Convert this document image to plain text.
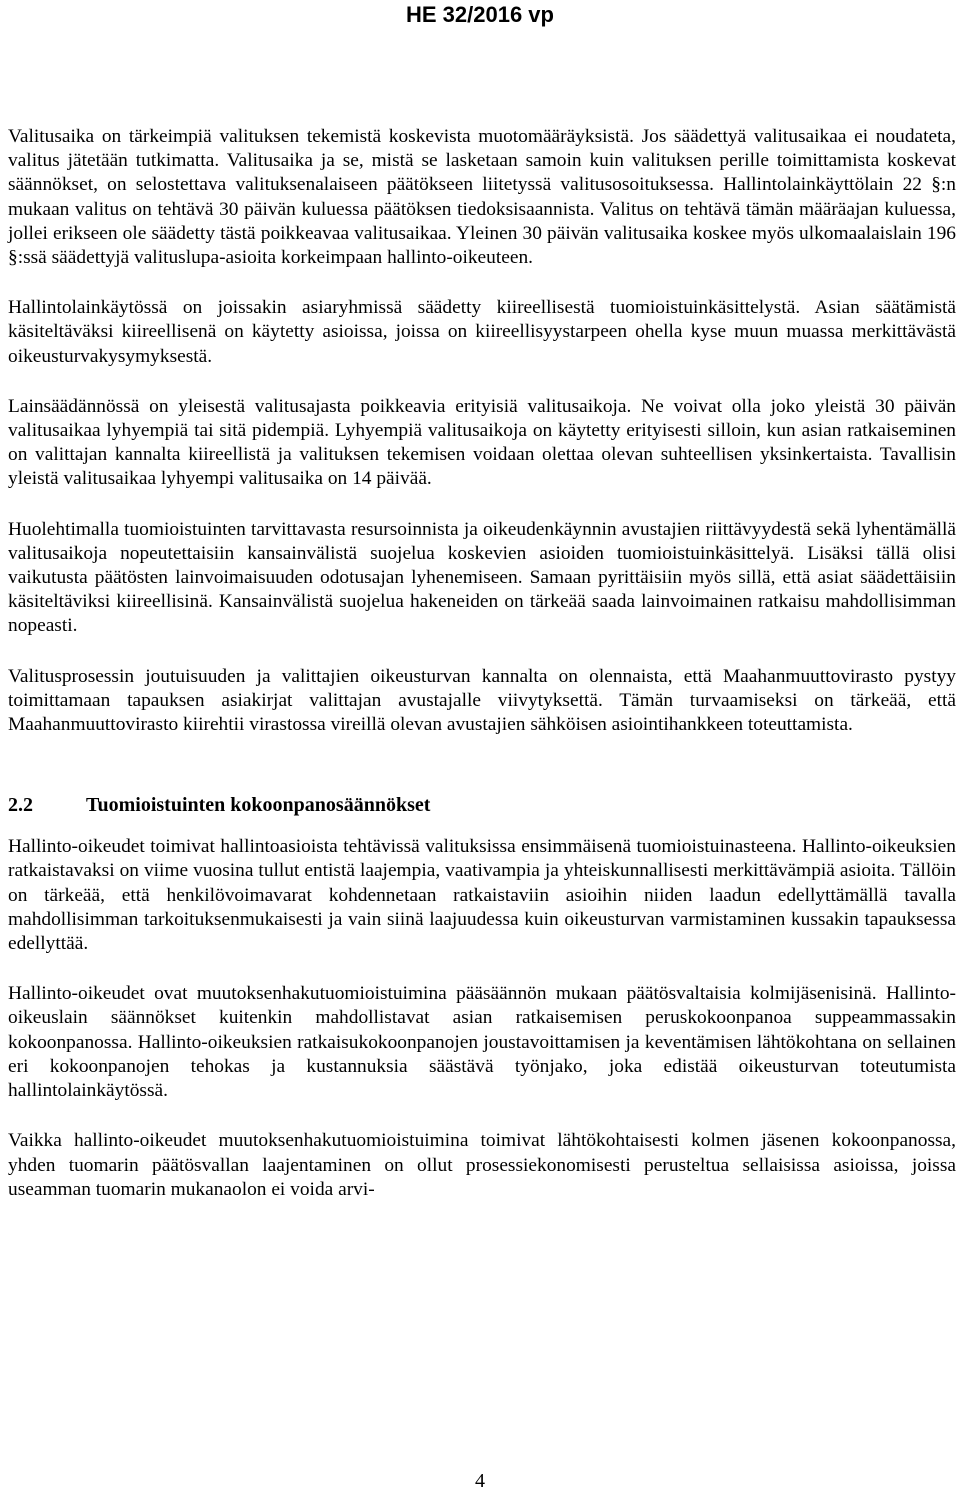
HE 32/2016 vp

Valitusaika on tärkeimpiä valituksen tekemistä koskevista muotomääräyksistä. Jos säädettyä valitusaikaa ei noudateta, valitus jätetään tutkimatta. Valitusaika ja se, mistä se lasketaan samoin kuin valituksen perille toimittamista koskevat säännökset, on selostettava valituksenalaiseen päätökseen liitetyssä valitusosoituksessa. Hallintolainkäyttölain 22 §:n mukaan valitus on tehtävä 30 päivän kuluessa päätöksen tiedoksisaannista. Valitus on tehtävä tämän määräajan kuluessa, jollei erikseen ole säädetty tästä poikkeavaa valitusaikaa. Yleinen 30 päivän valitusaika koskee myös ulkomaalaislain 196 §:ssä säädettyjä valituslupa-asioita korkeimpaan hallinto-oikeuteen.

Hallintolainkäytössä on joissakin asiaryhmissä säädetty kiireellisestä tuomioistuinkäsittelystä. Asian säätämistä käsiteltäväksi kiireellisenä on käytetty asioissa, joissa on kiireellisyystarpeen ohella kyse muun muassa merkittävästä oikeusturvakysymyksestä.

Lainsäädännössä on yleisestä valitusajasta poikkeavia erityisiä valitusaikoja. Ne voivat olla joko yleistä 30 päivän valitusaikaa lyhyempiä tai sitä pidempiä. Lyhyempiä valitusaikoja on käytetty erityisesti silloin, kun asian ratkaiseminen on valittajan kannalta kiireellistä ja valituksen tekemisen voidaan olettaa olevan suhteellisen yksinkertaista. Tavallisin yleistä valitusaikaa lyhyempi valitusaika on 14 päivää.

Huolehtimalla tuomioistuinten tarvittavasta resursoinnista ja oikeudenkäynnin avustajien riittävyydestä sekä lyhentämällä valitusaikoja nopeutettaisiin kansainvälistä suojelua koskevien asioiden tuomioistuinkäsittelyä. Lisäksi tällä olisi vaikutusta päätösten lainvoimaisuuden odotusajan lyhenemiseen. Samaan pyrittäisiin myös sillä, että asiat säädettäisiin käsiteltäviksi kiireellisinä. Kansainvälistä suojelua hakeneiden on tärkeää saada lainvoimainen ratkaisu mahdollisimman nopeasti.

Valitusprosessin joutuisuuden ja valittajien oikeusturvan kannalta on olennaista, että Maahanmuuttovirasto pystyy toimittamaan tapauksen asiakirjat valittajan avustajalle viivytyksettä. Tämän turvaamiseksi on tärkeää, että Maahanmuuttovirasto kiirehtii virastossa vireillä olevan avustajien sähköisen asiointihankkeen toteuttamista.

2.2	Tuomioistuinten kokoonpanosäännökset

Hallinto-oikeudet toimivat hallintoasioista tehtävissä valituksissa ensimmäisenä tuomioistuinasteena. Hallinto-oikeuksien ratkaistavaksi on viime vuosina tullut entistä laajempia, vaativampia ja yhteiskunnallisesti merkittävämpiä asioita. Tällöin on tärkeää, että henkilövoimavarat kohdennetaan ratkaistaviin asioihin niiden laadun edellyttämällä tavalla mahdollisimman tarkoituksenmukaisesti ja vain siinä laajuudessa kuin oikeusturvan varmistaminen kussakin tapauksessa edellyttää.

Hallinto-oikeudet ovat muutoksenhakutuomioistuimina pääsäännön mukaan päätösvaltaisia kolmijäsenisinä. Hallinto-oikeuslain säännökset kuitenkin mahdollistavat asian ratkaisemisen peruskokoonpanoa suppeammassakin kokoonpanossa. Hallinto-oikeuksien ratkaisukokoonpanojen joustavoittamisen ja keventämisen lähtökohtana on sellainen eri kokoonpanojen tehokas ja kustannuksia säästävä työnjako, joka edistää oikeusturvan toteutumista hallintolainkäytössä.

Vaikka hallinto-oikeudet muutoksenhakutuomioistuimina toimivat lähtökohtaisesti kolmen jäsenen kokoonpanossa, yhden tuomarin päätösvallan laajentaminen on ollut prosessiekonomisesti perusteltua sellaisissa asioissa, joissa useamman tuomarin mukanaolon ei voida arvi-

4
